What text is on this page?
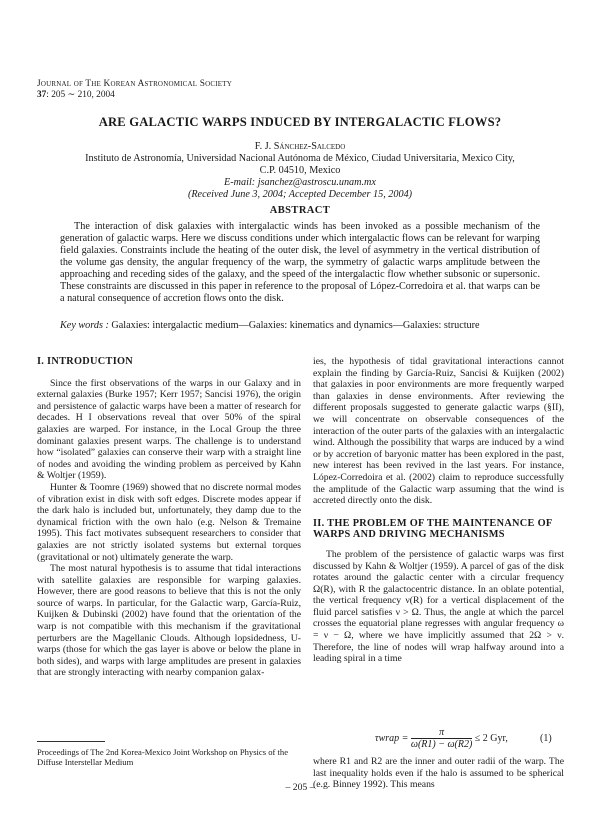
Journal of The Korean Astronomical Society
37: 205 ∼ 210, 2004
ARE GALACTIC WARPS INDUCED BY INTERGALACTIC FLOWS?
F. J. Sánchez-Salcedo
Instituto de Astronomía, Universidad Nacional Autónoma de México, Ciudad Universitaria, Mexico City,
C.P. 04510, Mexico
E-mail: jsanchez@astroscu.unam.mx
(Received June 3, 2004; Accepted December 15, 2004)
ABSTRACT
The interaction of disk galaxies with intergalactic winds has been invoked as a possible mechanism of the generation of galactic warps. Here we discuss conditions under which intergalactic flows can be relevant for warping field galaxies. Constraints include the heating of the outer disk, the level of asymmetry in the vertical distribution of the volume gas density, the angular frequency of the warp, the symmetry of galactic warps amplitude between the approaching and receding sides of the galaxy, and the speed of the intergalactic flow whether subsonic or supersonic. These constraints are discussed in this paper in reference to the proposal of López-Corredoira et al. that warps can be a natural consequence of accretion flows onto the disk.
Key words : Galaxies: intergalactic medium—Galaxies: kinematics and dynamics—Galaxies: structure
I. INTRODUCTION

Since the first observations of the warps in our Galaxy and in external galaxies (Burke 1957; Kerr 1957; Sancisi 1976), the origin and persistence of galactic warps have been a matter of research for decades. H I observations reveal that over 50% of the spiral galaxies are warped. For instance, in the Local Group the three dominant galaxies present warps. The challenge is to understand how “isolated” galaxies can conserve their warp with a straight line of nodes and avoiding the winding problem as perceived by Kahn & Woltjer (1959).

Hunter & Toomre (1969) showed that no discrete normal modes of vibration exist in disk with soft edges. Discrete modes appear if the dark halo is included but, unfortunately, they damp due to the dynamical friction with the own halo (e.g. Nelson & Tremaine 1995). This fact motivates subsequent researchers to consider that galaxies are not strictly isolated systems but external torques (gravitational or not) ultimately generate the warp.

The most natural hypothesis is to assume that tidal interactions with satellite galaxies are responsible for warping galaxies. However, there are good reasons to believe that this is not the only source of warps. In particular, for the Galactic warp, García-Ruiz, Kuijken & Dubinski (2002) have found that the orientation of the warp is not compatible with this mechanism if the gravitational perturbers are the Magellanic Clouds. Although lopsidedness, U-warps (those for which the gas layer is above or below the plane in both sides), and warps with large amplitudes are present in galaxies that are strongly interacting with nearby companion galax-

ies, the hypothesis of tidal gravitational interactions cannot explain the finding by García-Ruiz, Sancisi & Kuijken (2002) that galaxies in poor environments are more frequently warped than galaxies in dense environments. After reviewing the different proposals suggested to generate galactic warps (§II), we will concentrate on observable consequences of the interaction of the outer parts of the galaxies with an intergalactic wind. Although the possibility that warps are induced by a wind or by accretion of baryonic matter has been explored in the past, new interest has been revived in the last years. For instance, López-Corredoira et al. (2002) claim to reproduce successfully the amplitude of the Galactic warp assuming that the wind is accreted directly onto the disk.

II. THE PROBLEM OF THE MAINTENANCE OF WARPS AND DRIVING MECHANISMS

The problem of the persistence of galactic warps was first discussed by Kahn & Woltjer (1959). A parcel of gas of the disk rotates around the galactic center with a circular frequency Ω(R), with R the galactocentric distance. In an oblate potential, the vertical frequency ν(R) for a vertical displacement of the fluid parcel satisfies ν > Ω. Thus, the angle at which the parcel crosses the equatorial plane regresses with angular frequency ω = ν − Ω, where we have implicitly assumed that 2Ω > ν. Therefore, the line of nodes will wrap halfway around into a leading spiral in a time

τwrap = $\frac{\pi}{\omega(R1) - \omega(R2)} \le 2$ Gyr,	(1)

where R1 and R2 are the inner and outer radii of the warp. The last inequality holds even if the halo is assumed to be spherical (e.g. Binney 1992). This means

Proceedings of The 2nd Korea-Mexico Joint Workshop on Physics of the Diffuse Interstellar Medium
– 205 –
